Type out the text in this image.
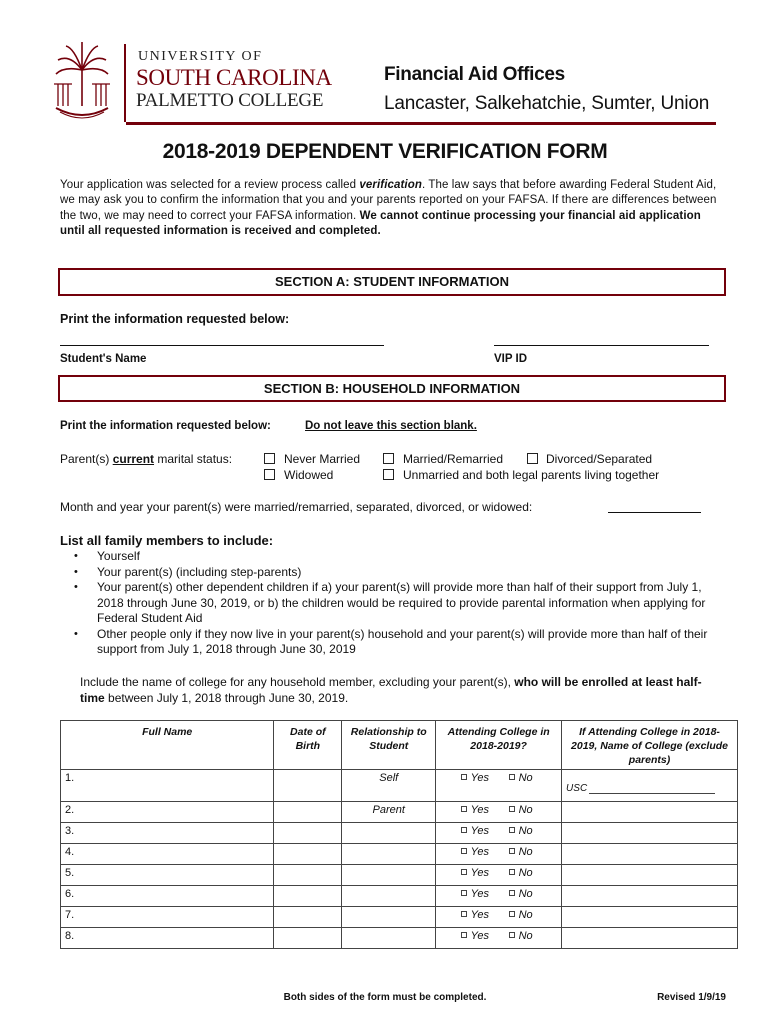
UNIVERSITY OF
SOUTH CAROLINA
PALMETTO COLLEGE
Financial Aid Offices
Lancaster, Salkehatchie, Sumter, Union
2018-2019 DEPENDENT VERIFICATION FORM
Your application was selected for a review process called verification. The law says that before awarding Federal Student Aid, we may ask you to confirm the information that you and your parents reported on your FAFSA. If there are differences between the two, we may need to correct your FAFSA information. We cannot continue processing your financial aid application until all requested information is received and completed.
SECTION A: STUDENT INFORMATION
Print the information requested below:
Student's Name	VIP ID
SECTION B: HOUSEHOLD INFORMATION
Print the information requested below:	Do not leave this section blank.
Parent(s) current marital status:	Never Married	Married/Remarried	Divorced/Separated
Widowed	Unmarried and both legal parents living together
Month and year your parent(s) were married/remarried, separated, divorced, or widowed:
List all family members to include:
• Yourself
• Your parent(s) (including step-parents)
• Your parent(s) other dependent children if a) your parent(s) will provide more than half of their support from July 1, 2018 through June 30, 2019, or b) the children would be required to provide parental information when applying for Federal Student Aid
• Other people only if they now live in your parent(s) household and your parent(s) will provide more than half of their support from July 1, 2018 through June 30, 2019
Include the name of college for any household member, excluding your parent(s), who will be enrolled at least half-time between July 1, 2018 through June 30, 2019.
Full Name	Date of Birth	Relationship to Student	Attending College in 2018-2019?	If Attending College in 2018-2019, Name of College (exclude parents)
1.		Self	Yes No	USC

2.		Parent	Yes No	
3.			Yes No	
4.			Yes No	
5.			Yes No	
6.			Yes No	
7.			Yes No	
8.			Yes No	
Both sides of the form must be completed.	Revised 1/9/19
